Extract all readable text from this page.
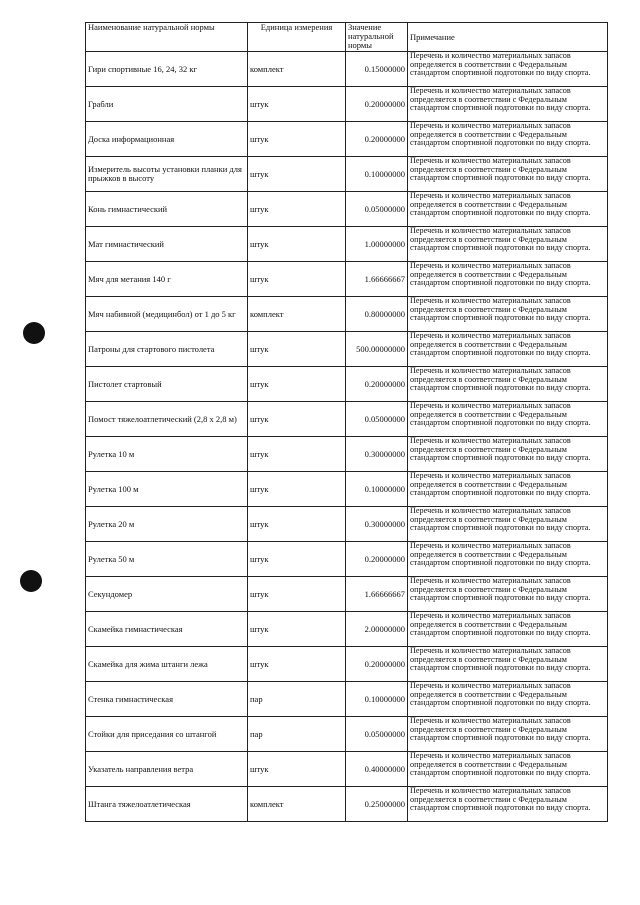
Наименование натуральной нормы	Единица измерения	Значение натуральной нормы	Примечание
Гири спортивные 16, 24, 32 кг	комплект	0.15000000	Перечень и количество материальных запасов определяется в соответствии с Федеральным стандартом спортивной подготовки по виду спорта.
Грабли	штук	0.20000000	Перечень и количество материальных запасов определяется в соответствии с Федеральным стандартом спортивной подготовки по виду спорта.
Доска информационная	штук	0.20000000	Перечень и количество материальных запасов определяется в соответствии с Федеральным стандартом спортивной подготовки по виду спорта.
Измеритель высоты установки планки для прыжков в высоту	штук	0.10000000	Перечень и количество материальных запасов определяется в соответствии с Федеральным стандартом спортивной подготовки по виду спорта.
Конь гимнастический	штук	0.05000000	Перечень и количество материальных запасов определяется в соответствии с Федеральным стандартом спортивной подготовки по виду спорта.
Мат гимнастический	штук	1.00000000	Перечень и количество материальных запасов определяется в соответствии с Федеральным стандартом спортивной подготовки по виду спорта.
Мяч для метания 140 г	штук	1.66666667	Перечень и количество материальных запасов определяется в соответствии с Федеральным стандартом спортивной подготовки по виду спорта.
Мяч набивной (медицинбол) от 1 до 5 кг	комплект	0.80000000	Перечень и количество материальных запасов определяется в соответствии с Федеральным стандартом спортивной подготовки по виду спорта.
Патроны для стартового пистолета	штук	500.00000000	Перечень и количество материальных запасов определяется в соответствии с Федеральным стандартом спортивной подготовки по виду спорта.
Пистолет стартовый	штук	0.20000000	Перечень и количество материальных запасов определяется в соответствии с Федеральным стандартом спортивной подготовки по виду спорта.
Помост тяжелоатлетический (2,8 х 2,8 м)	штук	0.05000000	Перечень и количество материальных запасов определяется в соответствии с Федеральным стандартом спортивной подготовки по виду спорта.
Рулетка 10 м	штук	0.30000000	Перечень и количество материальных запасов определяется в соответствии с Федеральным стандартом спортивной подготовки по виду спорта.
Рулетка 100 м	штук	0.10000000	Перечень и количество материальных запасов определяется в соответствии с Федеральным стандартом спортивной подготовки по виду спорта.
Рулетка 20 м	штук	0.30000000	Перечень и количество материальных запасов определяется в соответствии с Федеральным стандартом спортивной подготовки по виду спорта.
Рулетка 50 м	штук	0.20000000	Перечень и количество материальных запасов определяется в соответствии с Федеральным стандартом спортивной подготовки по виду спорта.
Секундомер	штук	1.66666667	Перечень и количество материальных запасов определяется в соответствии с Федеральным стандартом спортивной подготовки по виду спорта.
Скамейка гимнастическая	штук	2.00000000	Перечень и количество материальных запасов определяется в соответствии с Федеральным стандартом спортивной подготовки по виду спорта.
Скамейка для жима штанги лежа	штук	0.20000000	Перечень и количество материальных запасов определяется в соответствии с Федеральным стандартом спортивной подготовки по виду спорта.
Стенка гимнастическая	пар	0.10000000	Перечень и количество материальных запасов определяется в соответствии с Федеральным стандартом спортивной подготовки по виду спорта.
Стойки для приседания со штангой	пар	0.05000000	Перечень и количество материальных запасов определяется в соответствии с Федеральным стандартом спортивной подготовки по виду спорта.
Указатель направления ветра	штук	0.40000000	Перечень и количество материальных запасов определяется в соответствии с Федеральным стандартом спортивной подготовки по виду спорта.
Штанга тяжелоатлетическая	комплект	0.25000000	Перечень и количество материальных запасов определяется в соответствии с Федеральным стандартом спортивной подготовки по виду спорта.
